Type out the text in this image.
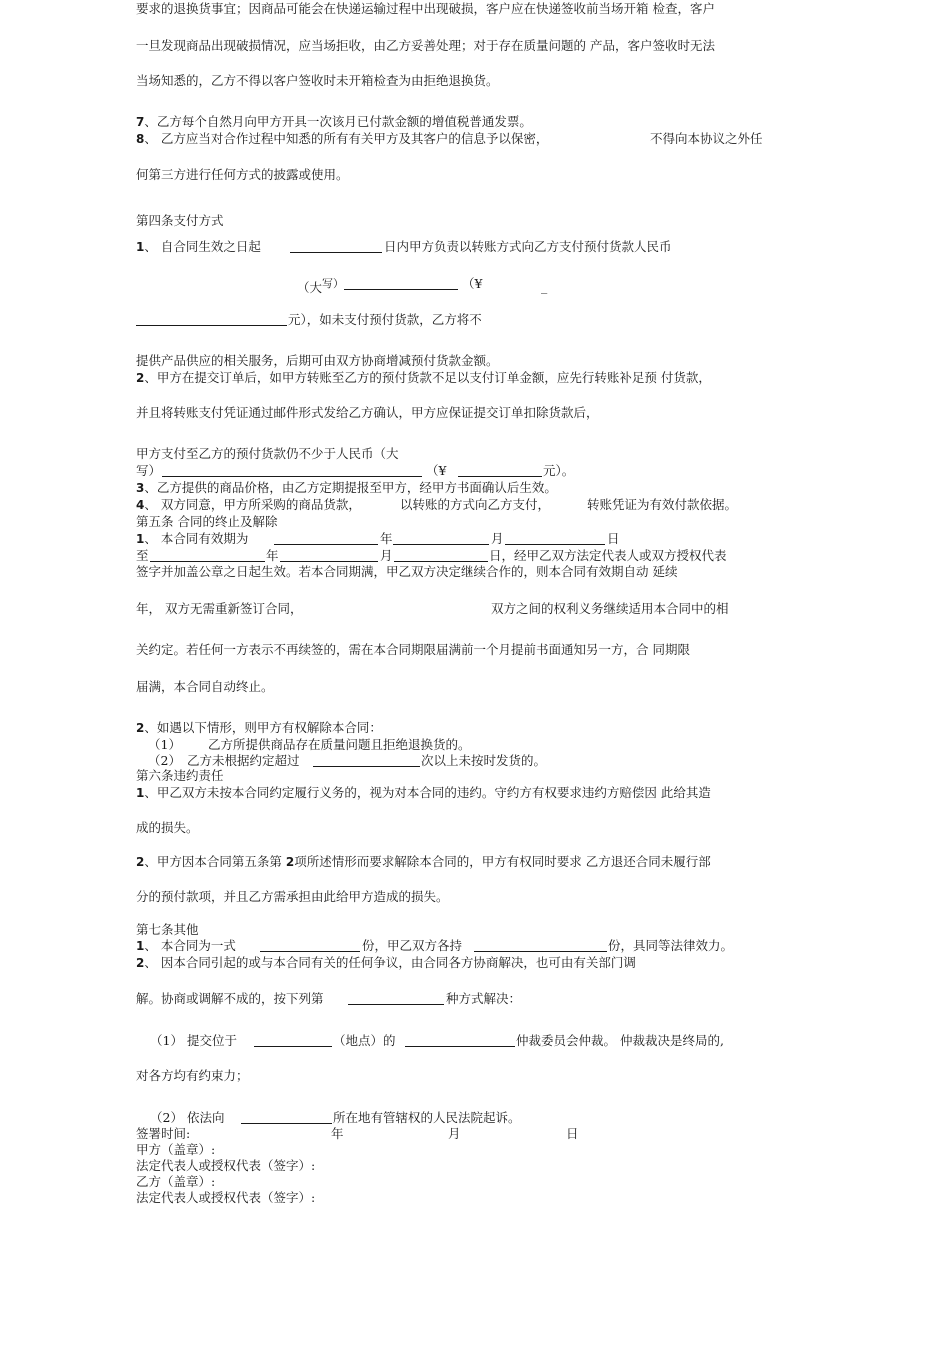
要求的退换货事宜；因商品可能会在快递运输过程中出现破损，客户应在快递签收前当场开箱 检查，客户
一旦发现商品出现破损情况，应当场拒收，由乙方妥善处理；对于存在质量问题的 产品，客户签收时无法
当场知悉的，乙方不得以客户签收时未开箱检查为由拒绝退换货。
7、乙方每个自然月向甲方开具一次该月已付款金额的增值税普通发票。
8、 乙方应当对合作过程中知悉的所有有关甲方及其客户的信息予以保密，	不得向本协议之外任
何第三方进行任何方式的披露或使用。
第四条支付方式
1、 自合同生效之日起	日内甲方负责以转账方式向乙方支付预付货款人民币
（大写）	（¥	_
元），如未支付预付货款，乙方将不
提供产品供应的相关服务，后期可由双方协商增减预付货款金额。
2、甲方在提交订单后，如甲方转账至乙方的预付货款不足以支付订单金额，应先行转账补足预 付货款，
并且将转账支付凭证通过邮件形式发给乙方确认，甲方应保证提交订单扣除货款后，
甲方支付至乙方的预付货款仍不少于人民币（大
写）	（¥	元）。
3、乙方提供的商品价格，由乙方定期提报至甲方，经甲方书面确认后生效。
4、 双方同意，甲方所采购的商品货款，	以转账的方式向乙方支付，	转账凭证为有效付款依据。
第五条 合同的终止及解除
1、 本合同有效期为	年	月	日
至	年	月	日，经甲乙双方法定代表人或双方授权代表
签字并加盖公章之日起生效。若本合同期满，甲乙双方决定继续合作的，则本合同有效期自动 延续
年， 双方无需重新签订合同，	双方之间的权利义务继续适用本合同中的相
关约定。若任何一方表示不再续签的，需在本合同期限届满前一个月提前书面通知另一方，合 同期限
届满，本合同自动终止。
2、如遇以下情形，则甲方有权解除本合同：
（1） 乙方所提供商品存在质量问题且拒绝退换货的。
（2） 乙方未根据约定超过	次以上未按时发货的。
第六条违约责任
1、甲乙双方未按本合同约定履行义务的，视为对本合同的违约。守约方有权要求违约方赔偿因 此给其造
成的损失。
2、甲方因本合同第五条第 2项所述情形而要求解除本合同的，甲方有权同时要求 乙方退还合同未履行部
分的预付款项，并且乙方需承担由此给甲方造成的损失。
第七条其他
1、 本合同为一式	份，甲乙双方各持	份，具同等法律效力。
2、 因本合同引起的或与本合同有关的任何争议，由合同各方协商解决，也可由有关部门调
解。协商或调解不成的，按下列第	种方式解决：
（1） 提交位于	（地点）的	仲裁委员会仲裁。 仲裁裁决是终局的,
对各方均有约束力；
（2） 依法向	所在地有管辖权的人民法院起诉。
签署时间:	年	月	日
甲方（盖章）:
法定代表人或授权代表（签字）:
乙方（盖章）:
法定代表人或授权代表（签字）:
